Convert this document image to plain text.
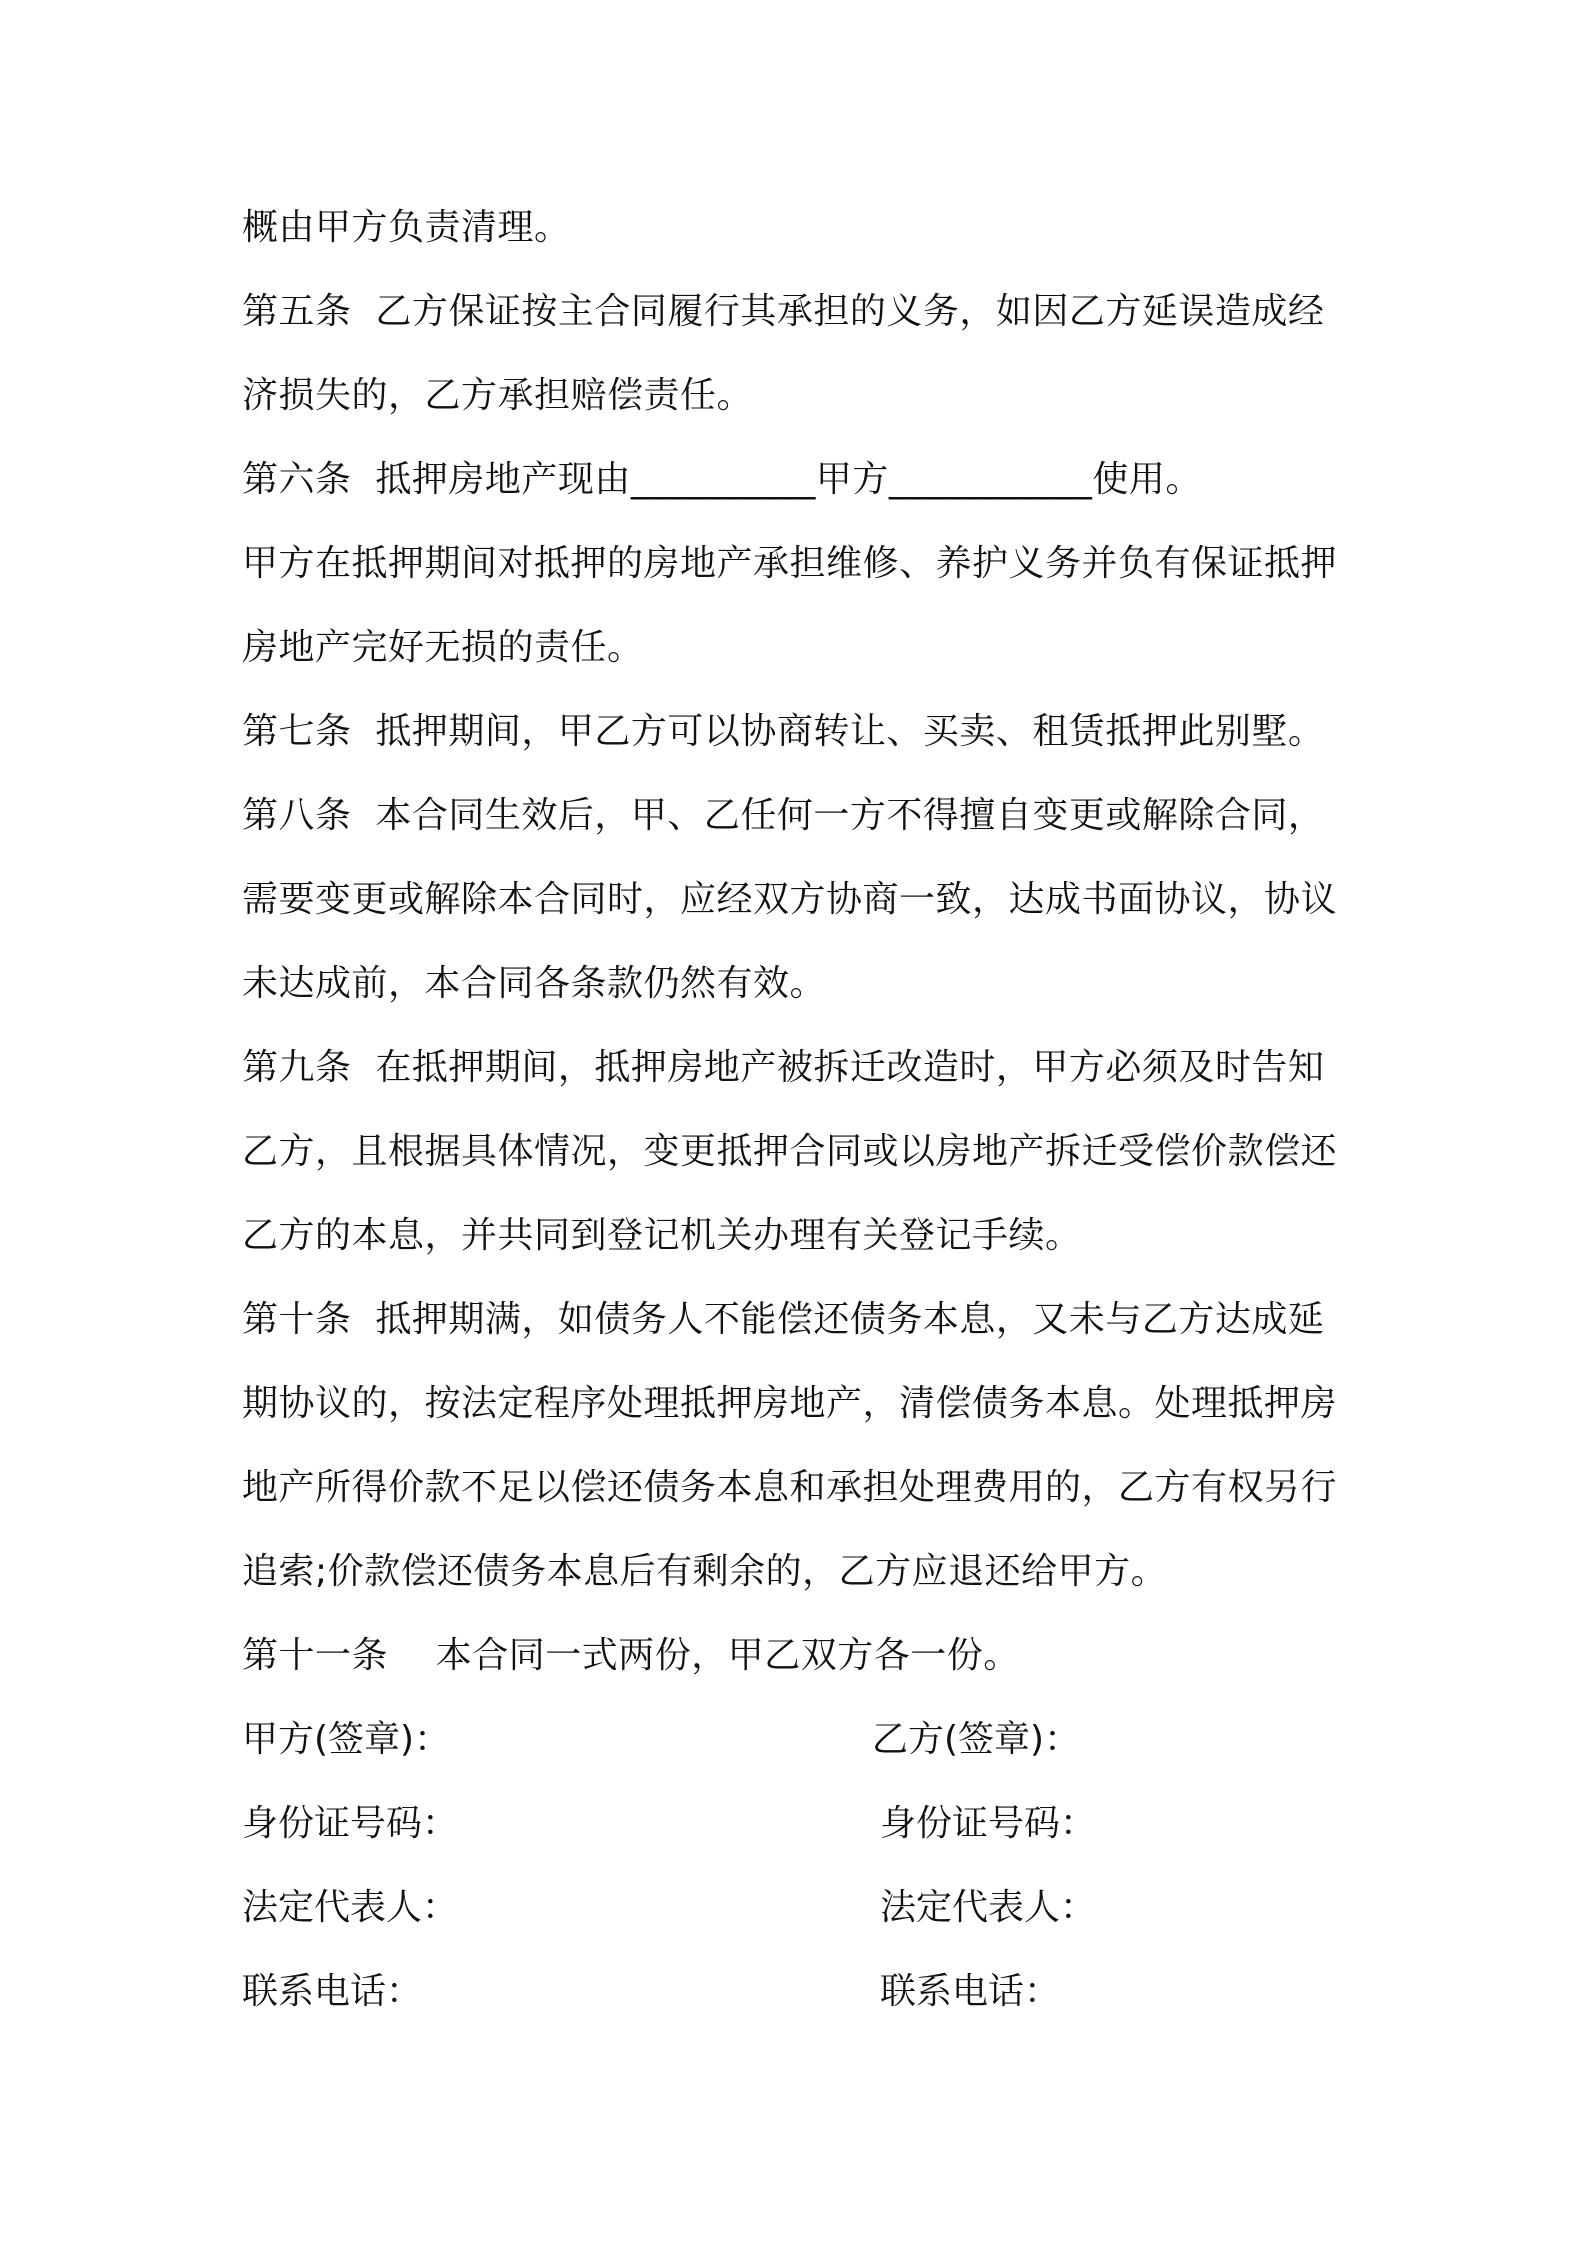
概由甲方负责清理。
第五条  乙方保证按主合同履行其承担的义务，如因乙方延误造成经
济损失的，乙方承担赔偿责任。
第六条  抵押房地产现由__________甲方___________使用。
甲方在抵押期间对抵押的房地产承担维修、养护义务并负有保证抵押
房地产完好无损的责任。
第七条  抵押期间，甲乙方可以协商转让、买卖、租赁抵押此别墅。
第八条  本合同生效后，甲、乙任何一方不得擅自变更或解除合同，
需要变更或解除本合同时，应经双方协商一致，达成书面协议，协议
未达成前，本合同各条款仍然有效。
第九条  在抵押期间，抵押房地产被拆迁改造时，甲方必须及时告知
乙方，且根据具体情况，变更抵押合同或以房地产拆迁受偿价款偿还
乙方的本息，并共同到登记机关办理有关登记手续。
第十条  抵押期满，如债务人不能偿还债务本息，又未与乙方达成延
期协议的，按法定程序处理抵押房地产，清偿债务本息。处理抵押房
地产所得价款不足以偿还债务本息和承担处理费用的，乙方有权另行
追索;价款偿还债务本息后有剩余的，乙方应退还给甲方。
第十一条    本合同一式两份，甲乙双方各一份。
甲方(签章)：	乙方(签章)：
身份证号码：	身份证号码：
法定代表人：	法定代表人：
联系电话：	联系电话：
